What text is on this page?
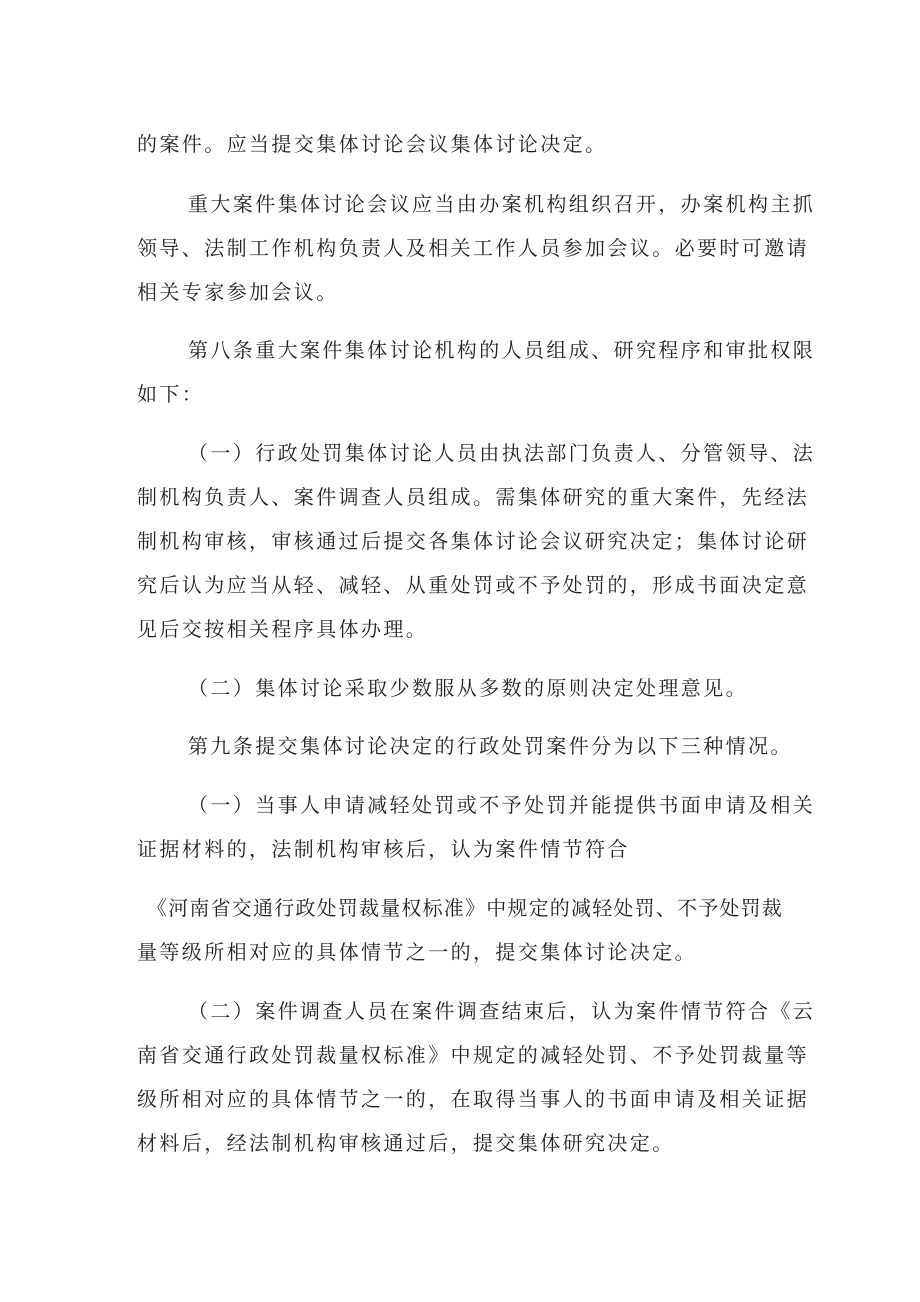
的案件。应当提交集体讨论会议集体讨论决定。
重大案件集体讨论会议应当由办案机构组织召开，办案机构主抓
领导、法制工作机构负责人及相关工作人员参加会议。必要时可邀请
相关专家参加会议。
第八条重大案件集体讨论机构的人员组成、研究程序和审批权限
如下：
（一）行政处罚集体讨论人员由执法部门负责人、分管领导、法
制机构负责人、案件调查人员组成。需集体研究的重大案件，先经法
制机构审核，审核通过后提交各集体讨论会议研究决定；集体讨论研
究后认为应当从轻、减轻、从重处罚或不予处罚的，形成书面决定意
见后交按相关程序具体办理。
（二）集体讨论采取少数服从多数的原则决定处理意见。
第九条提交集体讨论决定的行政处罚案件分为以下三种情况。
（一）当事人申请减轻处罚或不予处罚并能提供书面申请及相关
证据材料的，法制机构审核后，认为案件情节符合
《河南省交通行政处罚裁量权标准》中规定的减轻处罚、不予处罚裁
量等级所相对应的具体情节之一的，提交集体讨论决定。
（二）案件调查人员在案件调查结束后，认为案件情节符合《云
南省交通行政处罚裁量权标准》中规定的减轻处罚、不予处罚裁量等
级所相对应的具体情节之一的，在取得当事人的书面申请及相关证据
材料后，经法制机构审核通过后，提交集体研究决定。
